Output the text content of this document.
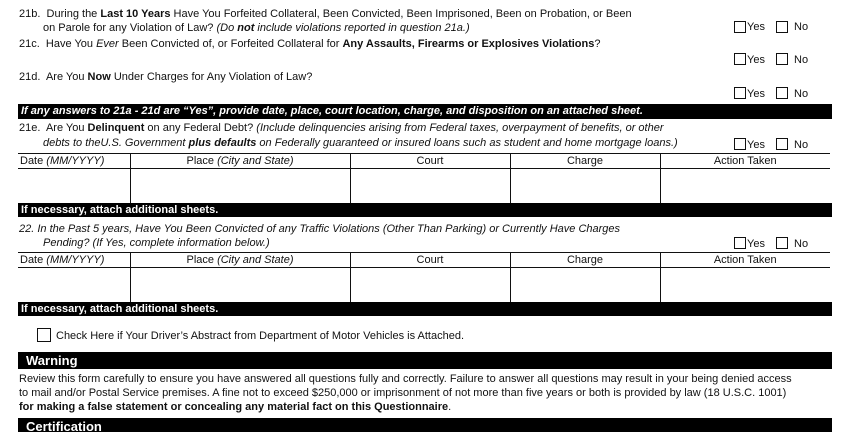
21b. During the Last 10 Years Have You Forfeited Collateral, Been Convicted, Been Imprisoned, Been on Probation, or Been
on Parole for any Violation of Law? (Do not include violations reported in question 21a.)	Yes	No
21c. Have You Ever Been Convicted of, or Forfeited Collateral for Any Assaults, Firearms or Explosives Violations?
Yes	No
21d. Are You Now Under Charges for Any Violation of Law?
Yes	No
If any answers to 21a - 21d are “Yes”, provide date, place, court location, charge, and disposition on an attached sheet.
21e. Are You Delinquent on any Federal Debt? (Include delinquencies arising from Federal taxes, overpayment of benefits, or other
debts to theU.S. Government plus defaults on Federally guaranteed or insured loans such as student and home mortgage loans.)	Yes	No
Date (MM/YYYY)	Place (City and State)	Court	Charge	Action Taken

If necessary, attach additional sheets.
22. In the Past 5 years, Have You Been Convicted of any Traffic Violations (Other Than Parking) or Currently Have Charges
Pending? (If Yes, complete information below.)	Yes	No
Date (MM/YYYY)	Place (City and State)	Court	Charge	Action Taken

If necessary, attach additional sheets.
Check Here if Your Driver’s Abstract from Department of Motor Vehicles is Attached.
Warning
Review this form carefully to ensure you have answered all questions fully and correctly. Failure to answer all questions may result in your being denied access
to mail and/or Postal Service premises. A fine not to exceed $250,000 or imprisonment of not more than five years or both is provided by law (18 U.S.C. 1001)
for making a false statement or concealing any material fact on this Questionnaire.
Certification
